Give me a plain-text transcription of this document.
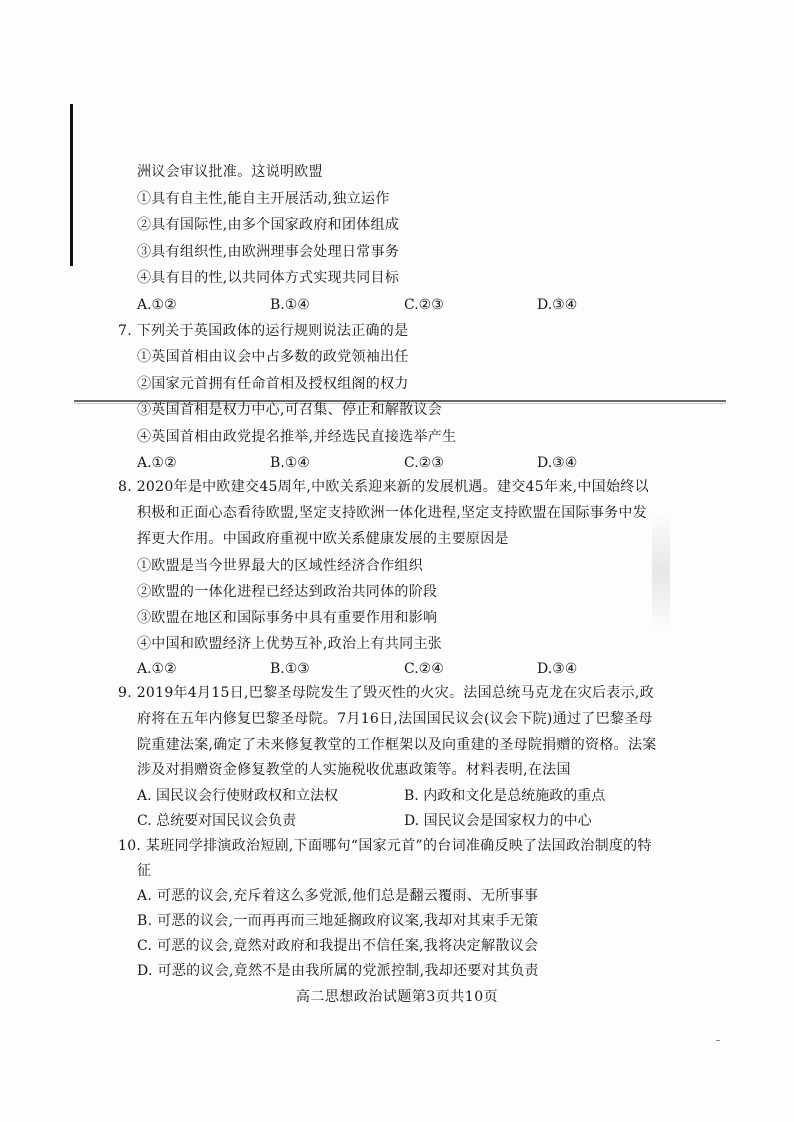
洲议会审议批准。这说明欧盟
①具有自主性,能自主开展活动,独立运作
②具有国际性,由多个国家政府和团体组成
③具有组织性,由欧洲理事会处理日常事务
④具有目的性,以共同体方式实现共同目标
A.①②	B.①④	C.②③	D.③④
7. 下列关于英国政体的运行规则说法正确的是
①英国首相由议会中占多数的政党领袖出任
②国家元首拥有任命首相及授权组阁的权力
③英国首相是权力中心,可召集、停止和解散议会
④英国首相由政党提名推举,并经选民直接选举产生
A.①②	B.①④	C.②③	D.③④
8. 2020年是中欧建交45周年,中欧关系迎来新的发展机遇。建交45年来,中国始终以
积极和正面心态看待欧盟,坚定支持欧洲一体化进程,坚定支持欧盟在国际事务中发
挥更大作用。中国政府重视中欧关系健康发展的主要原因是
①欧盟是当今世界最大的区域性经济合作组织
②欧盟的一体化进程已经达到政治共同体的阶段
③欧盟在地区和国际事务中具有重要作用和影响
④中国和欧盟经济上优势互补,政治上有共同主张
A.①②	B.①③	C.②④	D.③④
9. 2019年4月15日,巴黎圣母院发生了毁灭性的火灾。法国总统马克龙在灾后表示,政
府将在五年内修复巴黎圣母院。7月16日,法国国民议会(议会下院)通过了巴黎圣母
院重建法案,确定了未来修复教堂的工作框架以及向重建的圣母院捐赠的资格。法案
涉及对捐赠资金修复教堂的人实施税收优惠政策等。材料表明,在法国
A. 国民议会行使财政权和立法权	B. 内政和文化是总统施政的重点
C. 总统要对国民议会负责	D. 国民议会是国家权力的中心
10. 某班同学排演政治短剧,下面哪句“国家元首”的台词准确反映了法国政治制度的特
征
A. 可恶的议会,充斥着这么多党派,他们总是翻云覆雨、无所事事
B. 可恶的议会,一而再再而三地延搁政府议案,我却对其束手无策
C. 可恶的议会,竟然对政府和我提出不信任案,我将决定解散议会
D. 可恶的议会,竟然不是由我所属的党派控制,我却还要对其负责
高二思想政治试题第3页共10页
